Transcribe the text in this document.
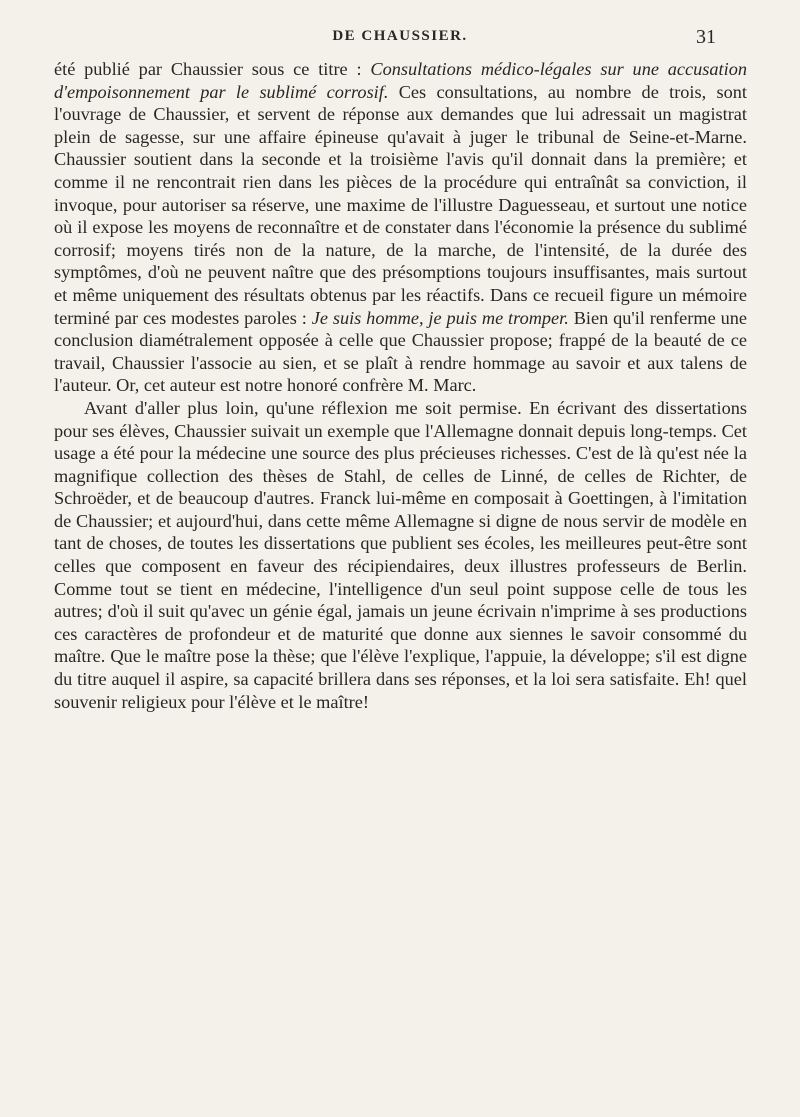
DE CHAUSSIER.	31

été publié par Chaussier sous ce titre : Consultations médico-légales sur une accusation d'empoisonnement par le sublimé corrosif. Ces consultations, au nombre de trois, sont l'ouvrage de Chaussier, et servent de réponse aux demandes que lui adressait un magistrat plein de sagesse, sur une affaire épineuse qu'avait à juger le tribunal de Seine-et-Marne. Chaussier soutient dans la seconde et la troisième l'avis qu'il donnait dans la première; et comme il ne rencontrait rien dans les pièces de la procédure qui entraînât sa conviction, il invoque, pour autoriser sa réserve, une maxime de l'illustre Daguesseau, et surtout une notice où il expose les moyens de reconnaître et de constater dans l'économie la présence du sublimé corrosif; moyens tirés non de la nature, de la marche, de l'intensité, de la durée des symptômes, d'où ne peuvent naître que des présomptions toujours insuffisantes, mais surtout et même uniquement des résultats obtenus par les réactifs. Dans ce recueil figure un mémoire terminé par ces modestes paroles : Je suis homme, je puis me tromper. Bien qu'il renferme une conclusion diamétralement opposée à celle que Chaussier propose; frappé de la beauté de ce travail, Chaussier l'associe au sien, et se plaît à rendre hommage au savoir et aux talens de l'auteur. Or, cet auteur est notre honoré confrère M. Marc.

Avant d'aller plus loin, qu'une réflexion me soit permise. En écrivant des dissertations pour ses élèves, Chaussier suivait un exemple que l'Allemagne donnait depuis long-temps. Cet usage a été pour la médecine une source des plus précieuses richesses. C'est de là qu'est née la magnifique collection des thèses de Stahl, de celles de Linné, de celles de Richter, de Schroëder, et de beaucoup d'autres. Franck lui-même en composait à Goettingen, à l'imitation de Chaussier; et aujourd'hui, dans cette même Allemagne si digne de nous servir de modèle en tant de choses, de toutes les dissertations que publient ses écoles, les meilleures peut-être sont celles que composent en faveur des récipiendaires, deux illustres professeurs de Berlin. Comme tout se tient en médecine, l'intelligence d'un seul point suppose celle de tous les autres; d'où il suit qu'avec un génie égal, jamais un jeune écrivain n'imprime à ses productions ces caractères de profondeur et de maturité que donne aux siennes le savoir consommé du maître. Que le maître pose la thèse; que l'élève l'explique, l'appuie, la développe; s'il est digne du titre auquel il aspire, sa capacité brillera dans ses réponses, et la loi sera satisfaite. Eh! quel souvenir religieux pour l'élève et le maître!
